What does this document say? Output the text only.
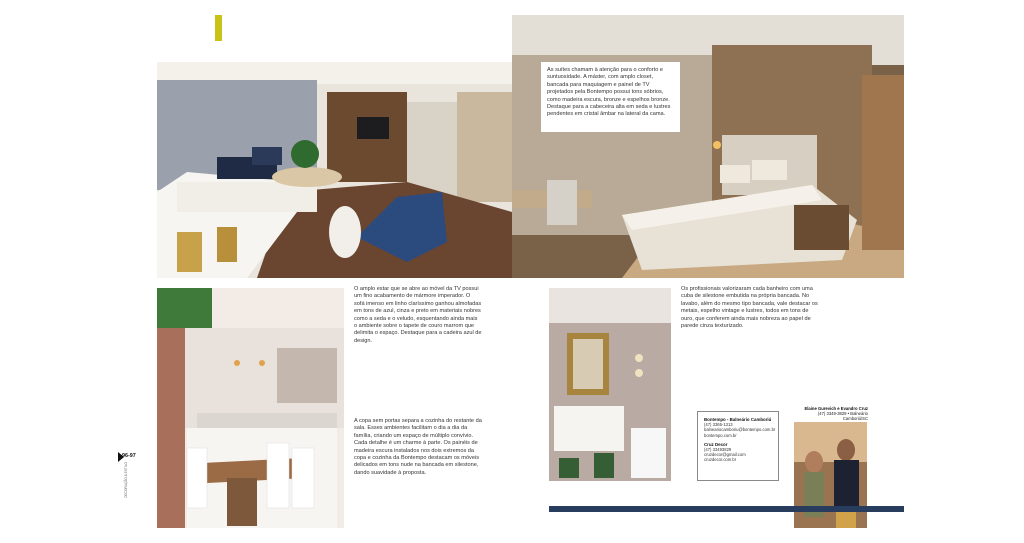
As suítes chamam à atenção para o conforto e suntuosidade. A máster, com amplo closet, bancada para maquiagem e painel de TV projetados pela Bontempo possui tons sóbrios, como madeira escura, bronze e espelhos bronze. Destaque para a cabeceira alta em seda e lustres pendentes em cristal âmbar na lateral da cama.
O amplo estar que se abre ao móvel da TV possui um fino acabamento de mármore imperador. O sofá imenso em linho claríssimo ganhou almofadas em tons de azul, cinza e preto em materiais nobres como a seda e o veludo, esquentando ainda mais o ambiente sobre o tapete de couro marrom que delimita o espaço. Destaque para a cadeira azul de design.
A copa sem portas separa a cozinha do restante da sala. Esses ambientes facilitam o dia a dia da família, criando um espaço de múltiplo convívio. Cada detalhe é um charme à parte. Os painéis de madeira escura instalados nos dois extremos da copa e cozinha da Bontempo destacam os móveis delicados em tons nude na bancada em silestone, dando suavidade à proposta.
Os profissionais valorizaram cada banheiro com uma cuba de silestone embutida na própria bancada. No lavabo, além do mesmo tipo bancada, vale destacar os metais, espelho vintage e lustres, todos em tons de ouro, que conferem ainda mais nobreza ao papel de parede cinza texturizado.
Bontempo - Balneário Camboriú
(47) 3365-1313
balneariocamboriu@bontempo.com.br
bontempo.com.br
Cruz Decor
(47) 33493829
cruzdecor@gmail.com
cruzdecor.com.br
Elaine Gurevich e Evandro Cruz
(47) 3349-3829 • Balneário Camboriú/SC
96-97
DECORAÇÃO & ESTILO
